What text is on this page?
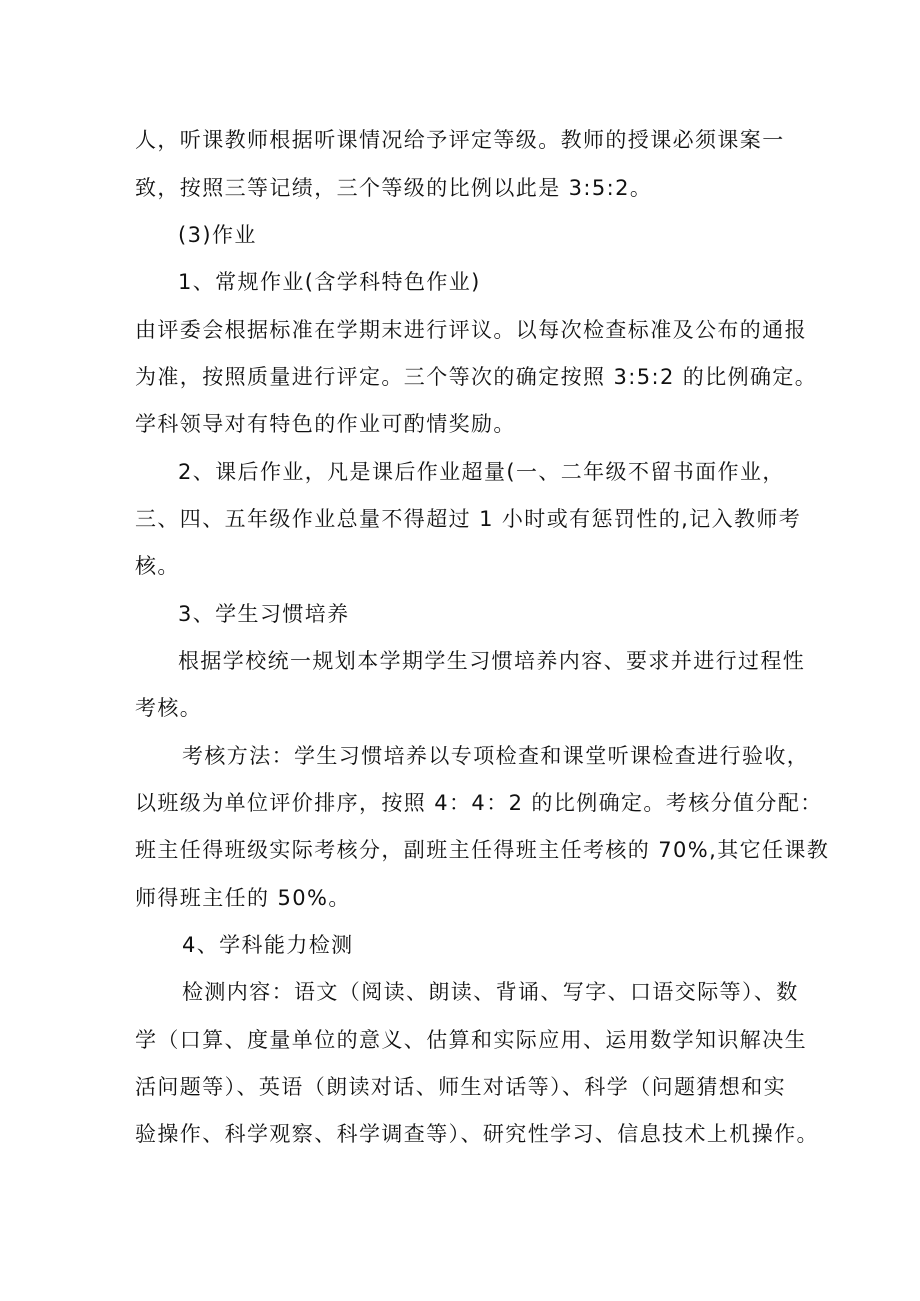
人，听课教师根据听课情况给予评定等级。教师的授课必须课案一
致，按照三等记绩，三个等级的比例以此是 3:5:2。
(3)作业
1、常规作业(含学科特色作业)
由评委会根据标准在学期末进行评议。以每次检查标准及公布的通报
为准，按照质量进行评定。三个等次的确定按照 3:5:2 的比例确定。
学科领导对有特色的作业可酌情奖励。
2、课后作业，凡是课后作业超量(一、二年级不留书面作业，
三、四、五年级作业总量不得超过 1 小时或有惩罚性的,记入教师考
核。
3、学生习惯培养
根据学校统一规划本学期学生习惯培养内容、要求并进行过程性
考核。
考核方法：学生习惯培养以专项检查和课堂听课检查进行验收，
以班级为单位评价排序，按照 4：4：2 的比例确定。考核分值分配：
班主任得班级实际考核分，副班主任得班主任考核的 70%,其它任课教
师得班主任的 50%。
4、学科能力检测
检测内容：语文（阅读、朗读、背诵、写字、口语交际等）、数
学（口算、度量单位的意义、估算和实际应用、运用数学知识解决生
活问题等）、英语（朗读对话、师生对话等）、科学（问题猜想和实
验操作、科学观察、科学调查等）、研究性学习、信息技术上机操作。
